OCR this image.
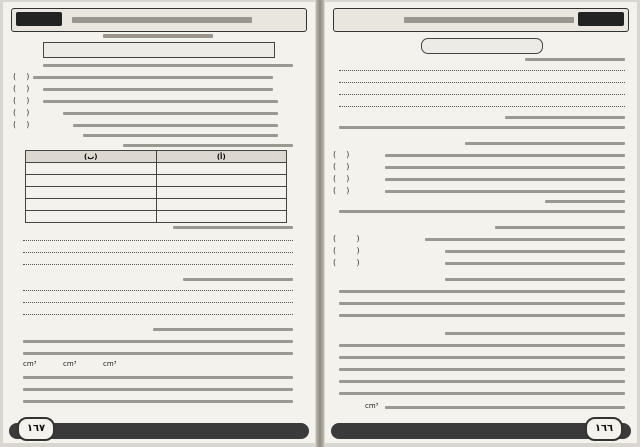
(    )
(    )
(    )
(    )
(    )
(ب)	(أ)

cm³	cm³	cm³
١٦٧
(    )
(    )
(    )
(    )
(        )
(        )
(        )
cm³
١٦٦
